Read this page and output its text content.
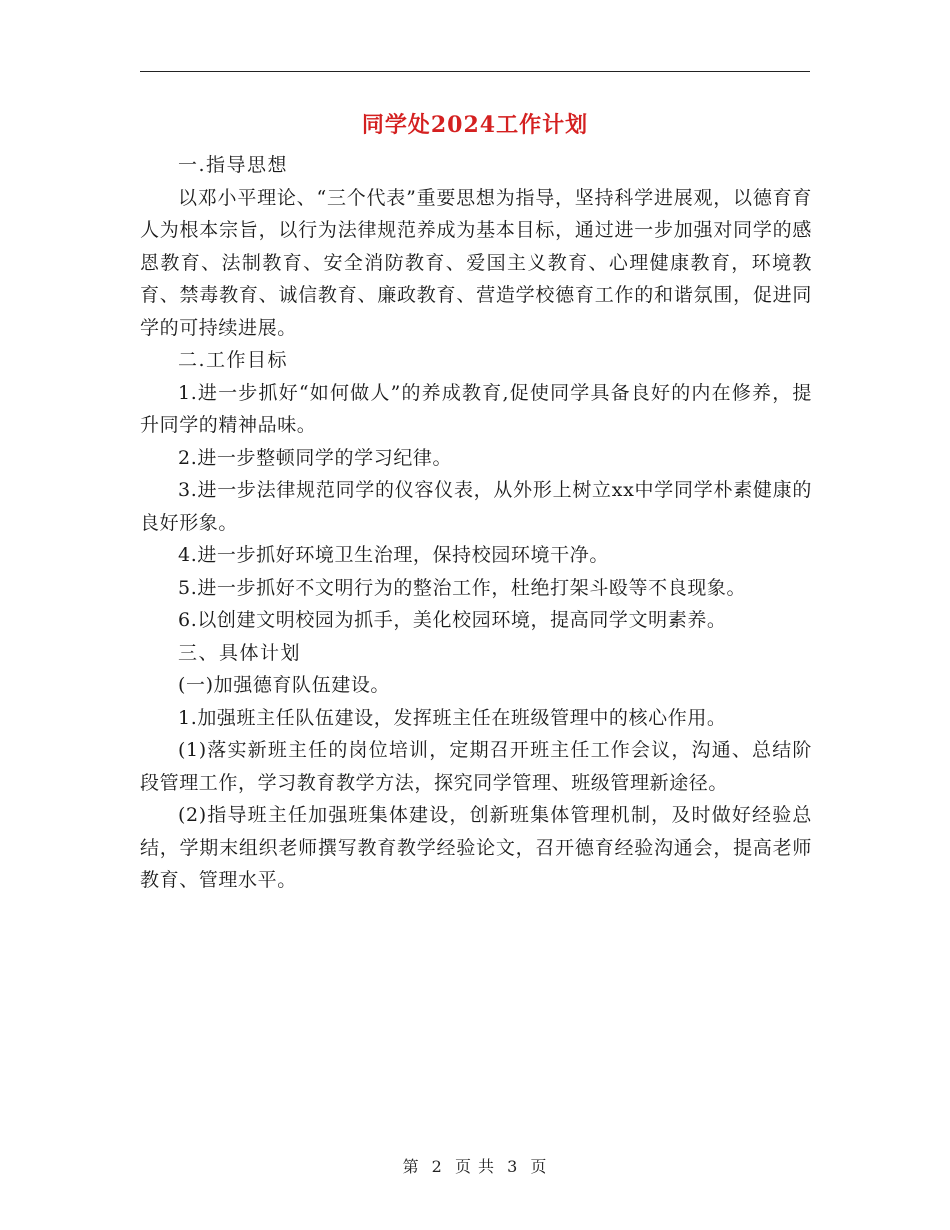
同学处2024工作计划

一.指导思想

以邓小平理论、“三个代表”重要思想为指导，坚持科学进展观，以德育育人为根本宗旨，以行为法律规范养成为基本目标，通过进一步加强对同学的感恩教育、法制教育、安全消防教育、爱国主义教育、心理健康教育，环境教育、禁毒教育、诚信教育、廉政教育、营造学校德育工作的和谐氛围，促进同学的可持续进展。

二.工作目标

1.进一步抓好“如何做人”的养成教育,促使同学具备良好的内在修养，提升同学的精神品味。

2.进一步整顿同学的学习纪律。

3.进一步法律规范同学的仪容仪表，从外形上树立xx中学同学朴素健康的良好形象。

4.进一步抓好环境卫生治理，保持校园环境干净。

5.进一步抓好不文明行为的整治工作，杜绝打架斗殴等不良现象。

6.以创建文明校园为抓手，美化校园环境，提高同学文明素养。

三、具体计划

(一)加强德育队伍建设。

1.加强班主任队伍建设，发挥班主任在班级管理中的核心作用。

(1)落实新班主任的岗位培训，定期召开班主任工作会议，沟通、总结阶段管理工作，学习教育教学方法，探究同学管理、班级管理新途径。

(2)指导班主任加强班集体建设，创新班集体管理机制，及时做好经验总结，学期末组织老师撰写教育教学经验论文，召开德育经验沟通会，提高老师教育、管理水平。

第 2 页 共 3 页
